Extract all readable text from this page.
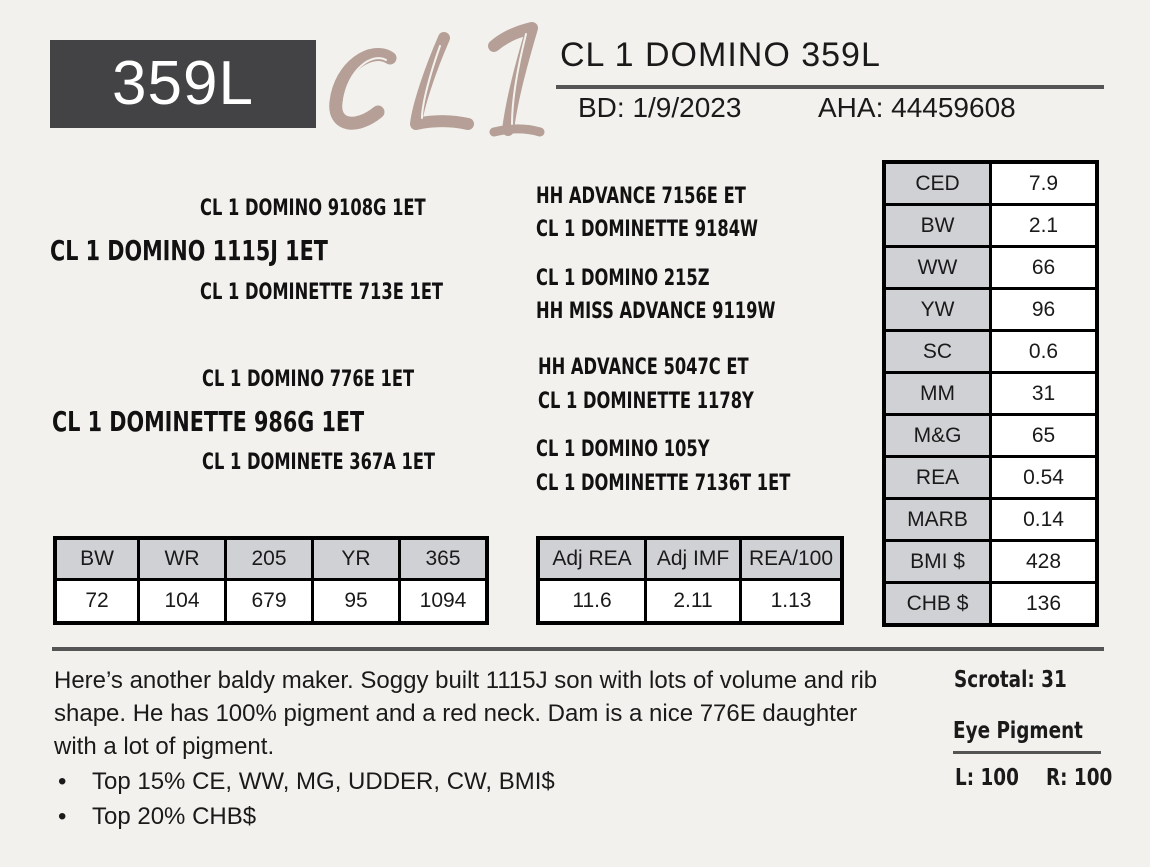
359L	CL 1 DOMINO 359L
BD: 1/9/2023	AHA: 44459608
CL 1 DOMINO 9108G 1ET
CL 1 DOMINO 1115J 1ET
CL 1 DOMINETTE 713E 1ET
CL 1 DOMINO 776E 1ET
CL 1 DOMINETTE 986G 1ET
CL 1 DOMINETE 367A 1ET
HH ADVANCE 7156E ET
CL 1 DOMINETTE 9184W
CL 1 DOMINO 215Z
HH MISS ADVANCE 9119W
HH ADVANCE 5047C ET
CL 1 DOMINETTE 1178Y
CL 1 DOMINO 105Y
CL 1 DOMINETTE 7136T 1ET
BW	WR	205	YR	365
72	104	679	95	1094
Adj REA	Adj IMF	REA/100
11.6	2.11	1.13
CED	7.9
BW	2.1
WW	66
YW	96
SC	0.6
MM	31
M&G	65
REA	0.54
MARB	0.14
BMI $	428
CHB $	136
Here’s another baldy maker. Soggy built 1115J son with lots of volume and rib shape. He has 100% pigment and a red neck. Dam is a nice 776E daughter with a lot of pigment.
• Top 15% CE, WW, MG, UDDER, CW, BMI$
• Top 20% CHB$
Scrotal: 31
Eye Pigment
L: 100 R: 100
